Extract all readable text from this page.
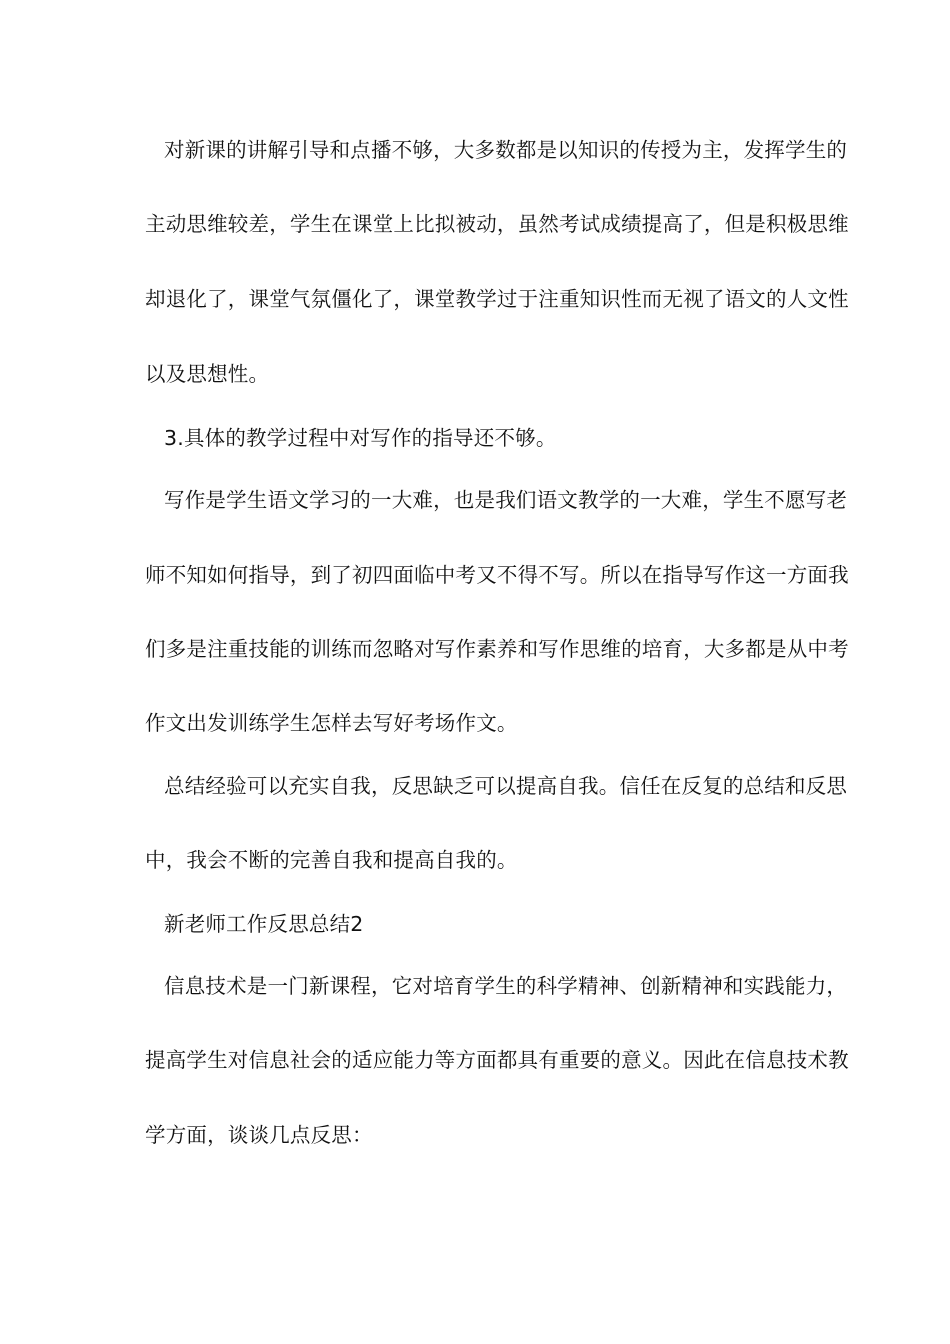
对新课的讲解引导和点播不够，大多数都是以知识的传授为主，发挥学生的
主动思维较差，学生在课堂上比拟被动，虽然考试成绩提高了，但是积极思维
却退化了，课堂气氛僵化了，课堂教学过于注重知识性而无视了语文的人文性
以及思想性。
3.具体的教学过程中对写作的指导还不够。
写作是学生语文学习的一大难，也是我们语文教学的一大难，学生不愿写老
师不知如何指导，到了初四面临中考又不得不写。所以在指导写作这一方面我
们多是注重技能的训练而忽略对写作素养和写作思维的培育，大多都是从中考
作文出发训练学生怎样去写好考场作文。
总结经验可以充实自我，反思缺乏可以提高自我。信任在反复的总结和反思
中，我会不断的完善自我和提高自我的。
新老师工作反思总结2
信息技术是一门新课程，它对培育学生的科学精神、创新精神和实践能力，
提高学生对信息社会的适应能力等方面都具有重要的意义。因此在信息技术教
学方面，谈谈几点反思：
